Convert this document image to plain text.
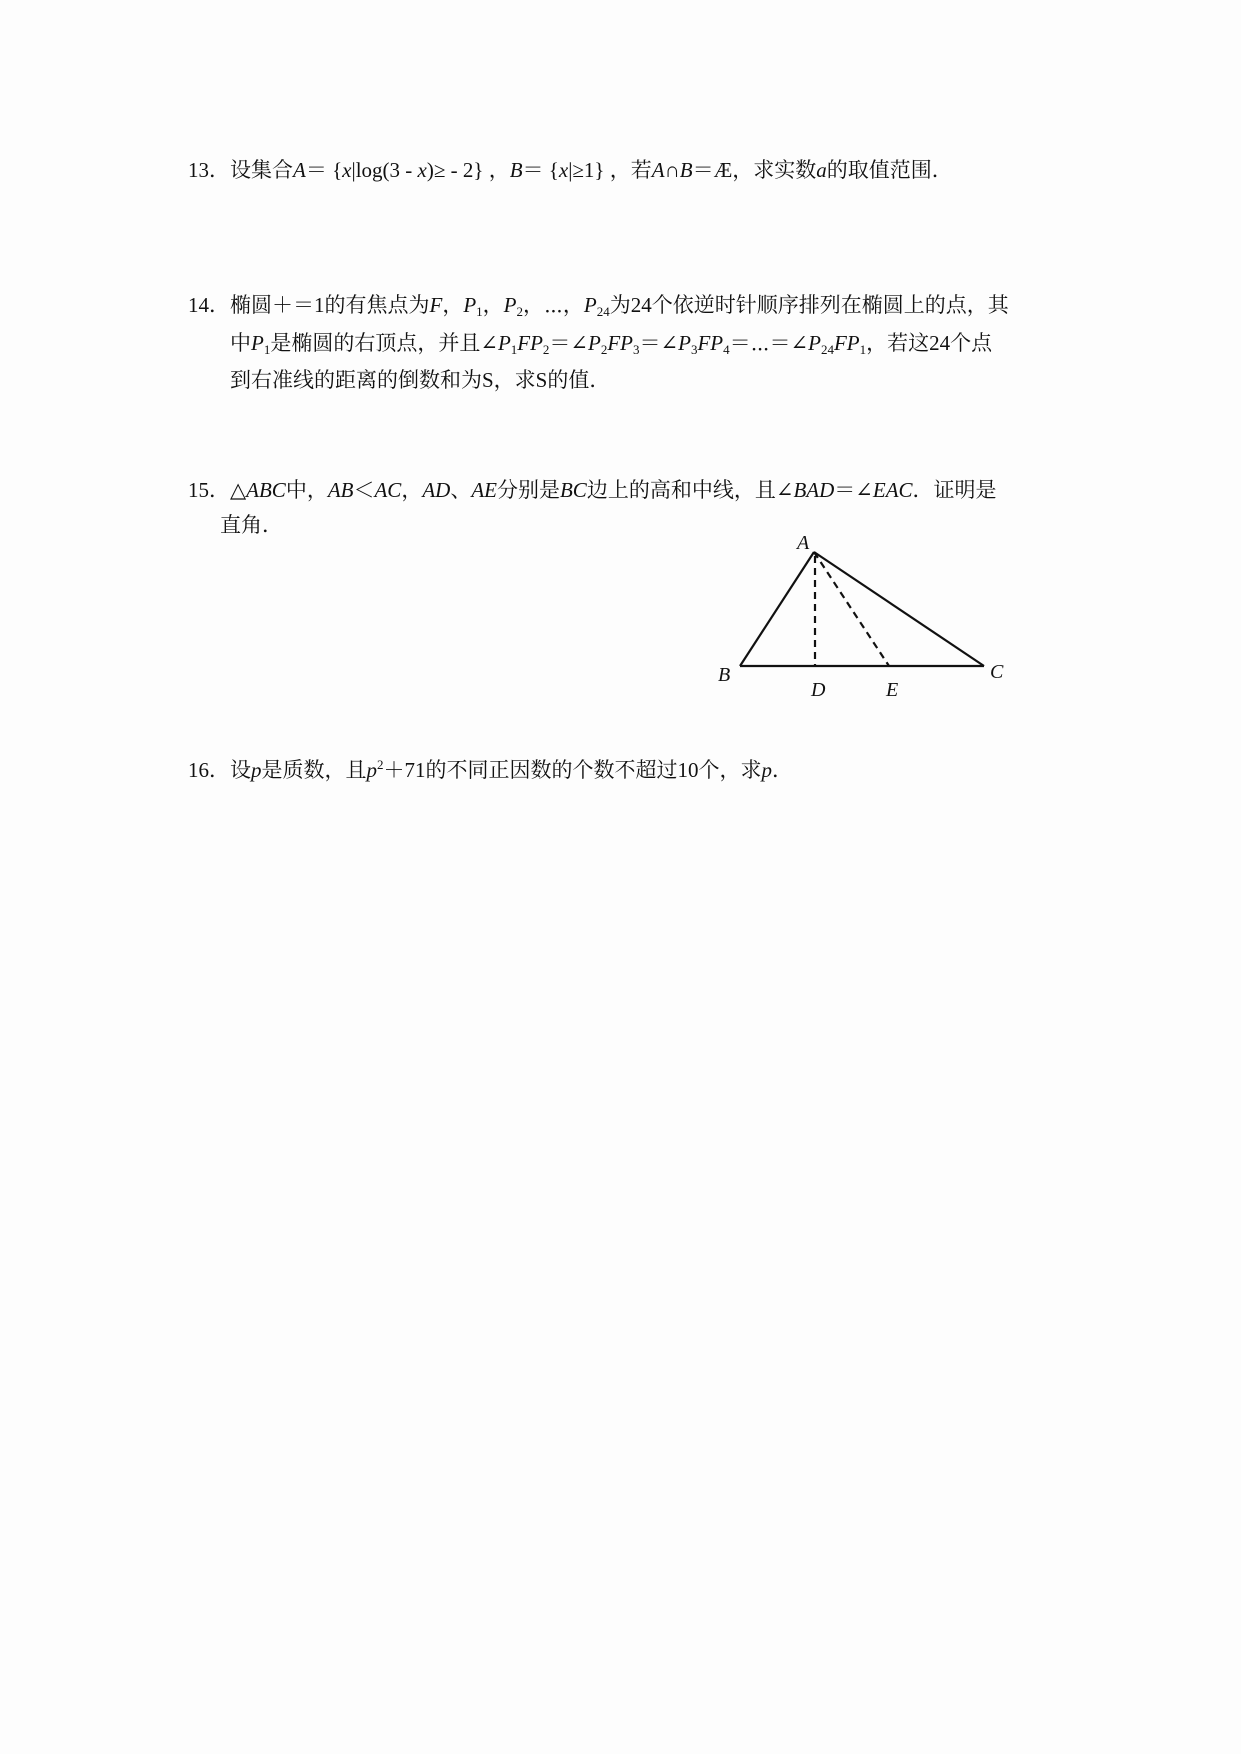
13．设集合A＝ {x|log(3 - x)≥ - 2} ，B＝ {x|≥1} ，若A∩B＝Æ，求实数a的取值范围．
14．椭圆＋＝1的有焦点为F，$P_1$，$P_2$，⋯，$P_{24}$为24个依逆时针顺序排列在椭圆上的点，其
中$P_1$是椭圆的右顶点，并且$\angle P_1FP_2=\angle P_2FP_3=\angle P_3FP_4=\cdots=\angle P_{24}FP_1$，若这24个点
到右准线的距离的倒数和为S，求S的值．
15．△ABC中，AB＜AC，AD、AE分别是BC边上的高和中线，且∠BAD＝∠EAC．证明是
直角．
A
B	C
D	E
16．设p是质数，且$p^2+71$的不同正因数的个数不超过10个，求p．
